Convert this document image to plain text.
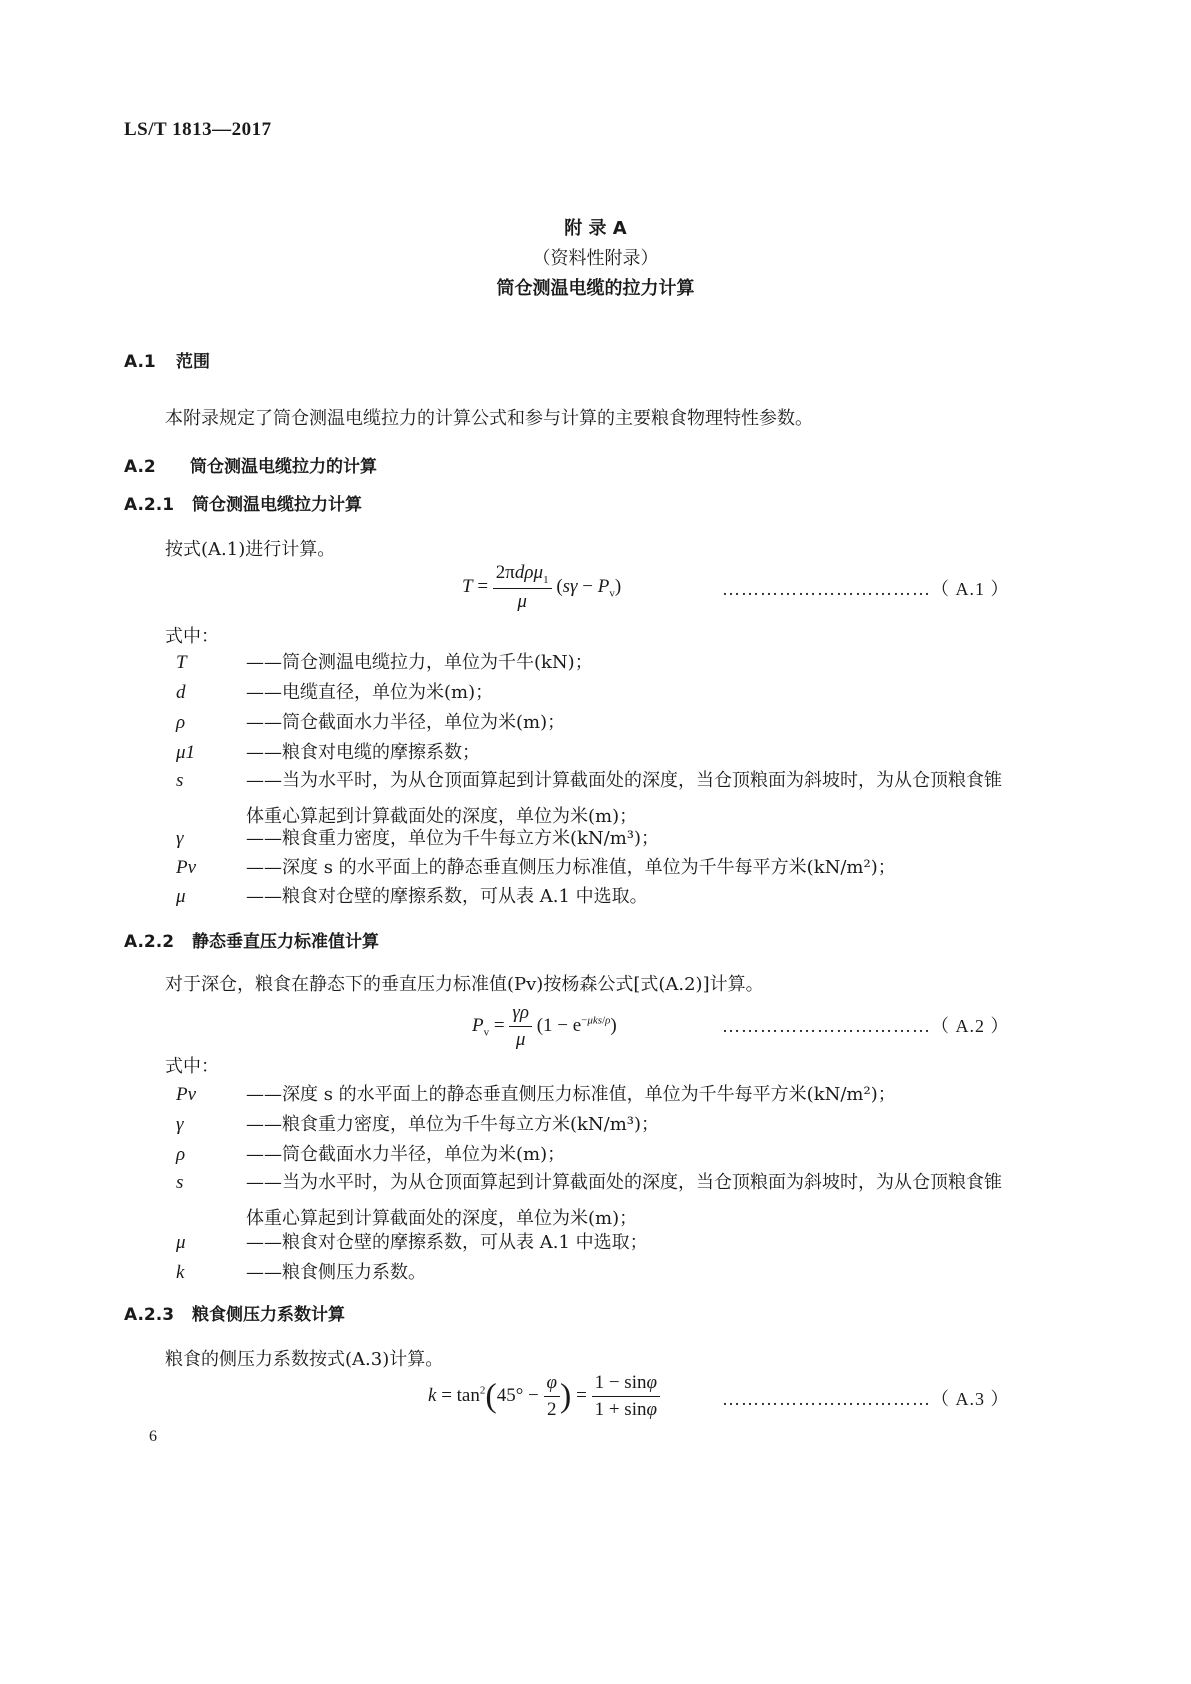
LS/T 1813—2017
附 录 A
（资料性附录）
筒仓测温电缆的拉力计算
A.1 范围
本附录规定了筒仓测温电缆拉力的计算公式和参与计算的主要粮食物理特性参数。
A.2 筒仓测温电缆拉力的计算
A.2.1 筒仓测温电缆拉力计算
按式(A.1)进行计算。
$T = \frac{2\pi d\rho\mu_1}{\mu} (s\gamma - P_v)$	……………………………（ A.1 ）
式中：
T	——筒仓测温电缆拉力，单位为千牛(kN)；
d	——电缆直径，单位为米(m)；
ρ	——筒仓截面水力半径，单位为米(m)；
μ1	——粮食对电缆的摩擦系数；
s	——当为水平时，为从仓顶面算起到计算截面处的深度，当仓顶粮面为斜坡时，为从仓顶粮食锥
体重心算起到计算截面处的深度，单位为米(m)；
γ	——粮食重力密度，单位为千牛每立方米(kN/m³)；
Pv	——深度 s 的水平面上的静态垂直侧压力标准值，单位为千牛每平方米(kN/m²)；
μ	——粮食对仓壁的摩擦系数，可从表 A.1 中选取。
A.2.2 静态垂直压力标准值计算
对于深仓，粮食在静态下的垂直压力标准值(Pv)按杨森公式[式(A.2)]计算。
$P_v = \frac{\gamma\rho}{\mu} (1 - e^{-\mu ks/\rho})$	……………………………（ A.2 ）
式中：
Pv	——深度 s 的水平面上的静态垂直侧压力标准值，单位为千牛每平方米(kN/m²)；
γ	——粮食重力密度，单位为千牛每立方米(kN/m³)；
ρ	——筒仓截面水力半径，单位为米(m)；
s	——当为水平时，为从仓顶面算起到计算截面处的深度，当仓顶粮面为斜坡时，为从仓顶粮食锥
体重心算起到计算截面处的深度，单位为米(m)；
μ	——粮食对仓壁的摩擦系数，可从表 A.1 中选取；
k	——粮食侧压力系数。
A.2.3 粮食侧压力系数计算
粮食的侧压力系数按式(A.3)计算。
$k = \tan^2(45^\circ - \frac{\varphi}{2}$ ) = $\frac{1 - \sin\varphi}{1 + \sin\varphi}$	……………………………（ A.3 ）
6
